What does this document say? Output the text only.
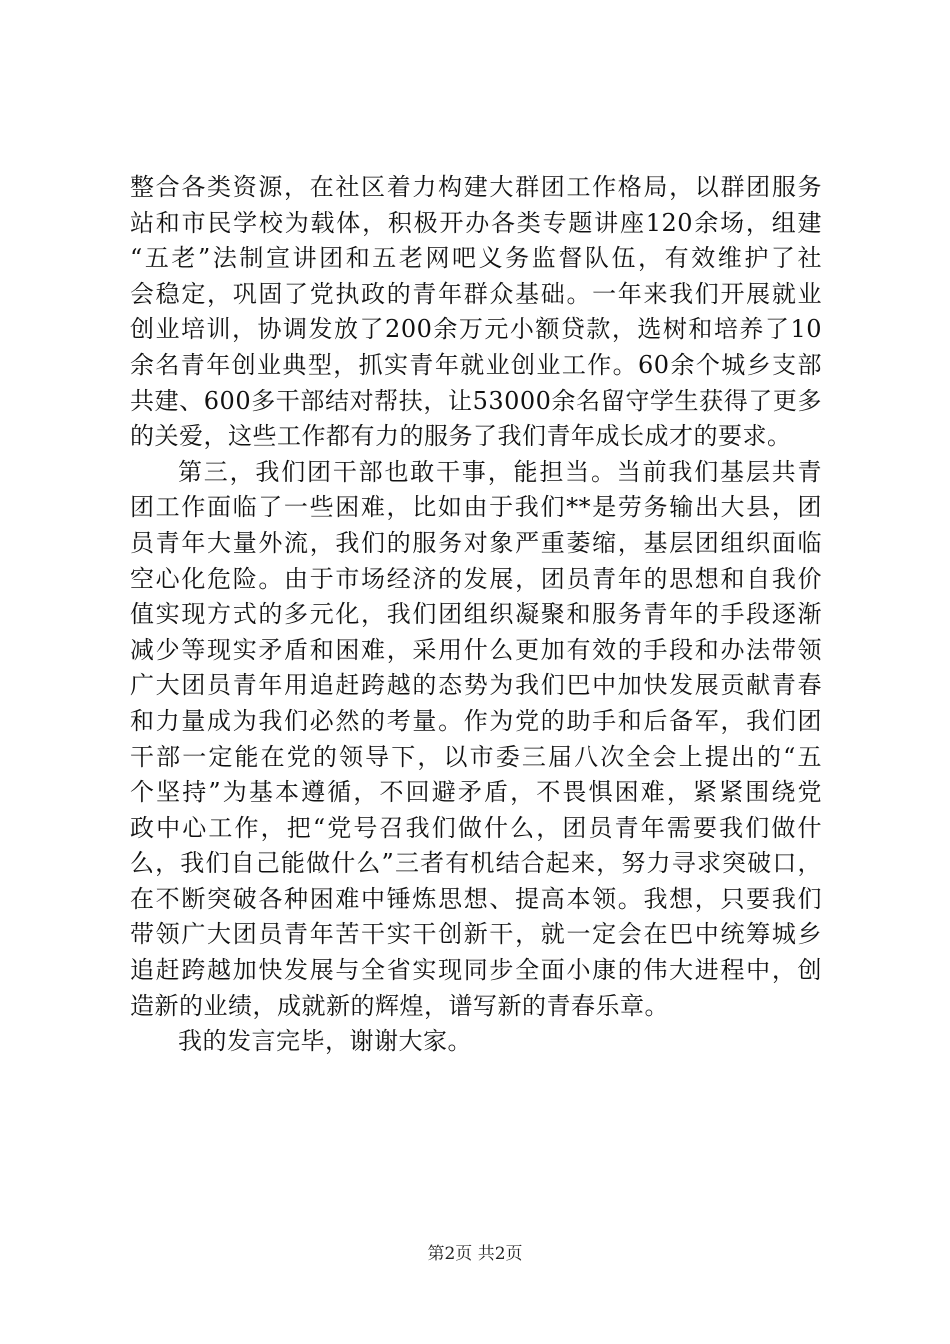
整合各类资源，在社区着力构建大群团工作格局，以群团服务
站和市民学校为载体，积极开办各类专题讲座120余场，组建
“五老”法制宣讲团和五老网吧义务监督队伍，有效维护了社
会稳定，巩固了党执政的青年群众基础。一年来我们开展就业
创业培训，协调发放了200余万元小额贷款，选树和培养了10
余名青年创业典型，抓实青年就业创业工作。60余个城乡支部
共建、600多干部结对帮扶，让53000余名留守学生获得了更多
的关爱，这些工作都有力的服务了我们青年成长成才的要求。
第三，我们团干部也敢干事，能担当。当前我们基层共青
团工作面临了一些困难，比如由于我们**是劳务输出大县，团
员青年大量外流，我们的服务对象严重萎缩，基层团组织面临
空心化危险。由于市场经济的发展，团员青年的思想和自我价
值实现方式的多元化，我们团组织凝聚和服务青年的手段逐渐
减少等现实矛盾和困难，采用什么更加有效的手段和办法带领
广大团员青年用追赶跨越的态势为我们巴中加快发展贡献青春
和力量成为我们必然的考量。作为党的助手和后备军，我们团
干部一定能在党的领导下，以市委三届八次全会上提出的“五
个坚持”为基本遵循，不回避矛盾，不畏惧困难，紧紧围绕党
政中心工作，把“党号召我们做什么，团员青年需要我们做什
么，我们自己能做什么”三者有机结合起来，努力寻求突破口，
在不断突破各种困难中锤炼思想、提高本领。我想，只要我们
带领广大团员青年苦干实干创新干，就一定会在巴中统筹城乡
追赶跨越加快发展与全省实现同步全面小康的伟大进程中，创
造新的业绩，成就新的辉煌，谱写新的青春乐章。
我的发言完毕，谢谢大家。
第2页 共2页
